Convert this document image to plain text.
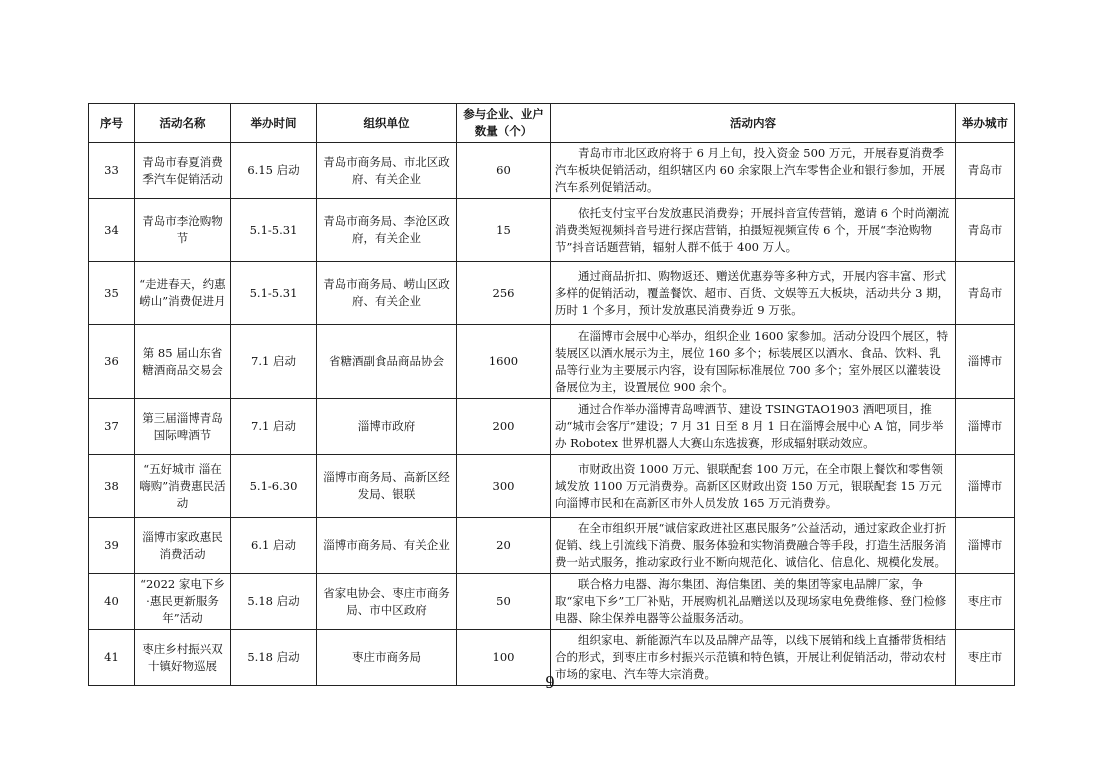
序号	活动名称	举办时间	组织单位	参与企业、业户数量（个）	活动内容	举办城市
33	青岛市春夏消费季汽车促销活动	6.15 启动	青岛市商务局、市北区政府、有关企业	60	青岛市市北区政府将于 6 月上旬，投入资金 500 万元，开展春夏消费季汽车板块促销活动，组织辖区内 60 余家限上汽车零售企业和银行参加，开展汽车系列促销活动。	青岛市
34	青岛市李沧购物节	5.1-5.31	青岛市商务局、李沧区政府，有关企业	15	依托支付宝平台发放惠民消费券；开展抖音宣传营销，邀请 6 个时尚潮流消费类短视频抖音号进行探店营销，拍摄短视频宣传 6 个，开展“李沧购物节”抖音话题营销，辐射人群不低于 400 万人。	青岛市
35	“走进春天，约惠崂山”消费促进月	5.1-5.31	青岛市商务局、崂山区政府、有关企业	256	通过商品折扣、购物返还、赠送优惠券等多种方式，开展内容丰富、形式多样的促销活动，覆盖餐饮、超市、百货、文娱等五大板块，活动共分 3 期，历时 1 个多月，预计发放惠民消费券近 9 万张。	青岛市
36	第 85 届山东省糖酒商品交易会	7.1 启动	省糖酒副食品商品协会	1600	在淄博市会展中心举办，组织企业 1600 家参加。活动分设四个展区，特装展区以酒水展示为主，展位 160 多个；标装展区以酒水、食品、饮料、乳品等行业为主要展示内容，设有国际标准展位 700 多个；室外展区以灌装设备展位为主，设置展位 900 余个。	淄博市
37	第三届淄博青岛国际啤酒节	7.1 启动	淄博市政府	200	通过合作举办淄博青岛啤酒节、建设 TSINGTAO1903 酒吧项目，推动“城市会客厅”建设；7 月 31 日至 8 月 1 日在淄博会展中心 A 馆，同步举办 Robotex 世界机器人大赛山东选拔赛，形成辐射联动效应。	淄博市
38	“五好城市 淄在嗨购”消费惠民活动	5.1-6.30	淄博市商务局、高新区经发局、银联	300	市财政出资 1000 万元、银联配套 100 万元，在全市限上餐饮和零售领域发放 1100 万元消费券。高新区区财政出资 150 万元，银联配套 15 万元向淄博市民和在高新区市外人员发放 165 万元消费券。	淄博市
39	淄博市家政惠民消费活动	6.1 启动	淄博市商务局、有关企业	20	在全市组织开展“诚信家政进社区惠民服务”公益活动，通过家政企业打折促销、线上引流线下消费、服务体验和实物消费融合等手段，打造生活服务消费一站式服务，推动家政行业不断向规范化、诚信化、信息化、规模化发展。	淄博市
40	“2022 家电下乡·惠民更新服务年”活动	5.18 启动	省家电协会、枣庄市商务局、市中区政府	50	联合格力电器、海尔集团、海信集团、美的集团等家电品牌厂家，争取“家电下乡”工厂补贴，开展购机礼品赠送以及现场家电免费维修、登门检修电器、除尘保养电器等公益服务活动。	枣庄市
41	枣庄乡村振兴双十镇好物巡展	5.18 启动	枣庄市商务局	100	组织家电、新能源汽车以及品牌产品等，以线下展销和线上直播带货相结合的形式，到枣庄市乡村振兴示范镇和特色镇，开展让利促销活动，带动农村市场的家电、汽车等大宗消费。	枣庄市
9
